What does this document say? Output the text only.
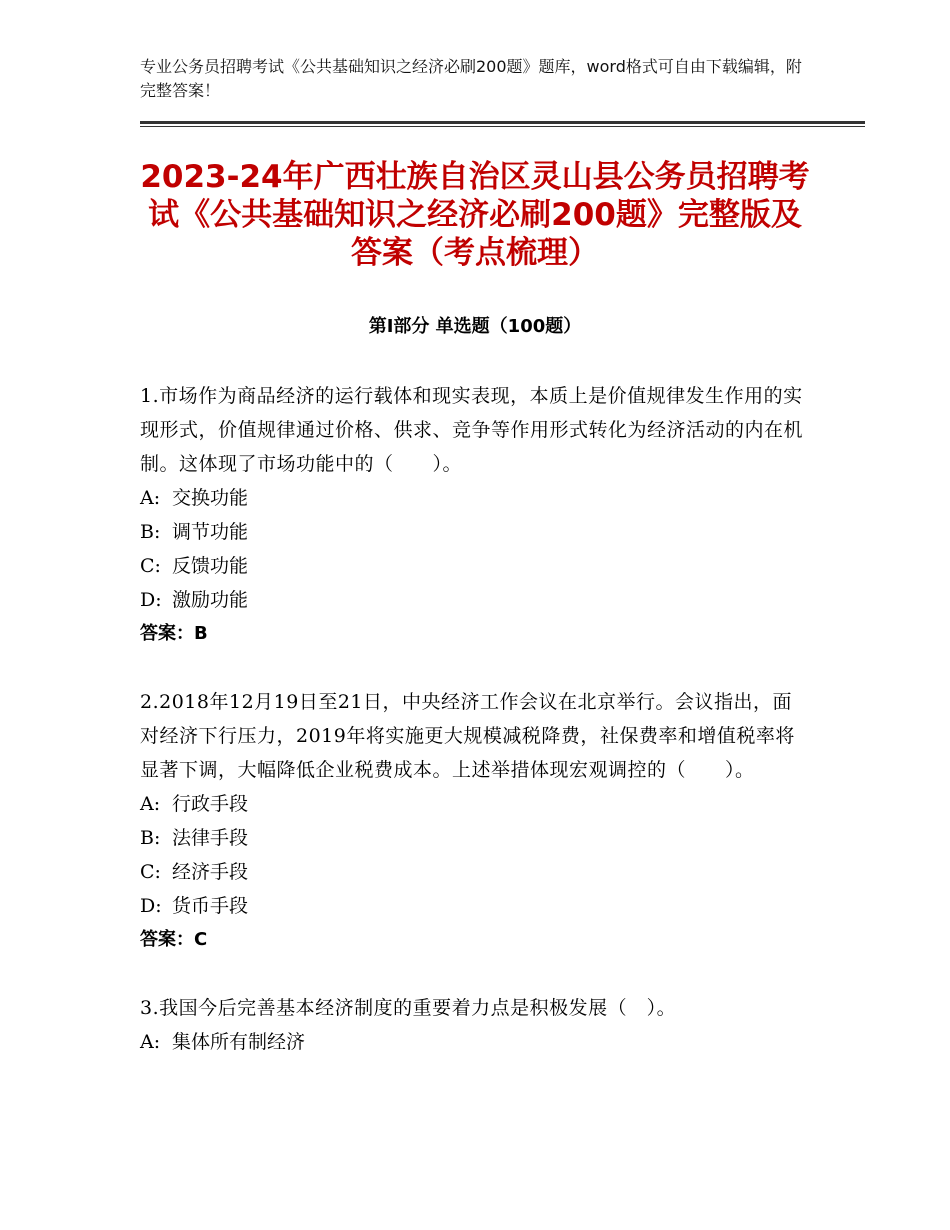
专业公务员招聘考试《公共基础知识之经济必刷200题》题库，word格式可自由下载编辑，附完整答案！
2023-24年广西壮族自治区灵山县公务员招聘考试《公共基础知识之经济必刷200题》完整版及答案（考点梳理）
第Ⅰ部分 单选题（100题）

1.市场作为商品经济的运行载体和现实表现，本质上是价值规律发生作用的实现形式，价值规律通过价格、供求、竞争等作用形式转化为经济活动的内在机制。这体现了市场功能中的（　　）。

A: 交换功能

B: 调节功能

C: 反馈功能

D: 激励功能

答案：B

2.2018年12月19日至21日，中央经济工作会议在北京举行。会议指出，面对经济下行压力，2019年将实施更大规模减税降费，社保费率和增值税率将显著下调，大幅降低企业税费成本。上述举措体现宏观调控的（　　）。

A: 行政手段

B: 法律手段

C: 经济手段

D: 货币手段

答案：C

3.我国今后完善基本经济制度的重要着力点是积极发展（　）。

A: 集体所有制经济
